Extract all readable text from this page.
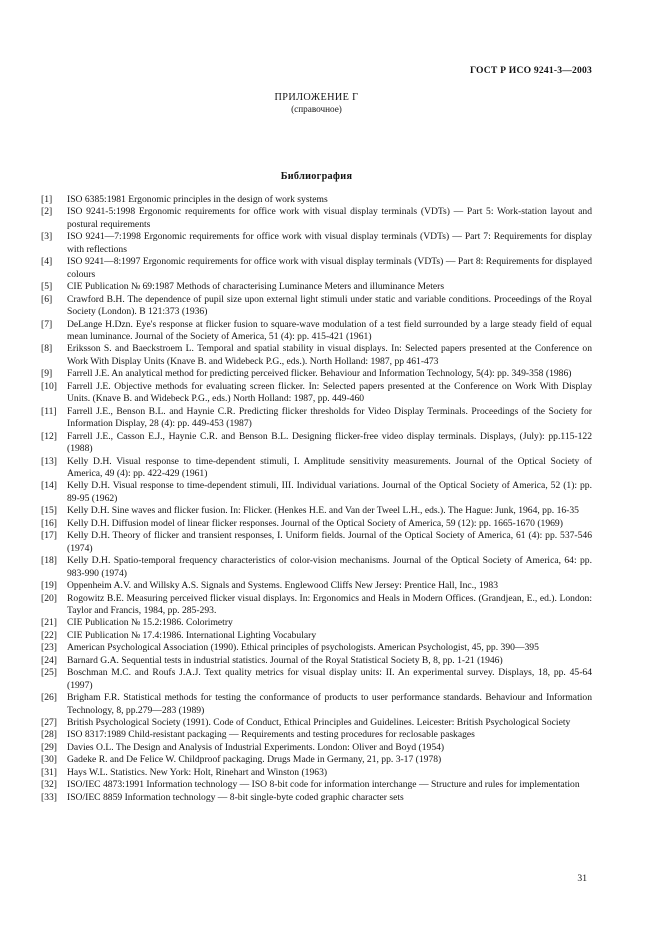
ГОСТ Р ИСО 9241-3—2003
ПРИЛОЖЕНИЕ Г
(справочное)
Библиография
[1] ISO 6385:1981 Ergonomic principles in the design of work systems
[2] ISO 9241-5:1998 Ergonomic requirements for office work with visual display terminals (VDTs) — Part 5: Work-station layout and postural requirements
[3] ISO 9241—7:1998 Ergonomic requirements for office work with visual display terminals (VDTs) — Part 7: Requirements for display with reflections
[4] ISO 9241—8:1997 Ergonomic requirements for office work with visual display terminals (VDTs) — Part 8: Requirements for displayed colours
[5] CIE Publication № 69:1987 Methods of characterising Luminance Meters and illuminance Meters
[6] Crawford B.H. The dependence of pupil size upon external light stimuli under static and variable conditions. Proceedings of the Royal Society (London). B 121:373 (1936)
[7] DeLange H.Dzn. Eye's response at flicker fusion to square-wave modulation of a test field surrounded by a large steady field of equal mean luminance. Journal of the Society of America, 51 (4): pp. 415-421 (1961)
[8] Eriksson S. and Baeckstroem L. Temporal and spatial stability in visual displays. In: Selected papers presented at the Conference on Work With Display Units (Knave B. and Widebeck P.G., eds.). North Holland: 1987, pp 461-473
[9] Farrell J.E. An analytical method for predicting perceived flicker. Behaviour and Information Technology, 5(4): pp. 349-358 (1986)
[10] Farrell J.E. Objective methods for evaluating screen flicker. In: Selected papers presented at the Conference on Work With Display Units. (Knave B. and Widebeck P.G., eds.) North Holland: 1987, pp. 449-460
[11] Farrell J.E., Benson B.L. and Haynie C.R. Predicting flicker thresholds for Video Display Terminals. Proceedings of the Society for Information Display, 28 (4): pp. 449-453 (1987)
[12] Farrell J.E., Casson E.J., Haynie C.R. and Benson B.L. Designing flicker-free video display terminals. Displays, (July): pp.115-122 (1988)
[13] Kelly D.H. Visual response to time-dependent stimuli, I. Amplitude sensitivity measurements. Journal of the Optical Society of America, 49 (4): pp. 422-429 (1961)
[14] Kelly D.H. Visual response to time-dependent stimuli, III. Individual variations. Journal of the Optical Society of America, 52 (1): pp. 89-95 (1962)
[15] Kelly D.H. Sine waves and flicker fusion. In: Flicker. (Henkes H.E. and Van der Tweel L.H., eds.). The Hague: Junk, 1964, pp. 16-35
[16] Kelly D.H. Diffusion model of linear flicker responses. Journal of the Optical Society of America, 59 (12): pp. 1665-1670 (1969)
[17] Kelly D.H. Theory of flicker and transient responses, I. Uniform fields. Journal of the Optical Society of America, 61 (4): pp. 537-546 (1974)
[18] Kelly D.H. Spatio-temporal frequency characteristics of color-vision mechanisms. Journal of the Optical Society of America, 64: pp. 983-990 (1974)
[19] Oppenheim A.V. and Willsky A.S. Signals and Systems. Englewood Cliffs New Jersey: Prentice Hall, Inc., 1983
[20] Rogowitz B.E. Measuring perceived flicker visual displays. In: Ergonomics and Heals in Modern Offices. (Grandjean, E., ed.). London: Taylor and Francis, 1984, pp. 285-293.
[21] CIE Publication № 15.2:1986. Colorimetry
[22] CIE Publication № 17.4:1986. International Lighting Vocabulary
[23] American Psychological Association (1990). Ethical principles of psychologists. American Psychologist, 45, pp. 390—395
[24] Barnard G.A. Sequential tests in industrial statistics. Journal of the Royal Statistical Society B, 8, pp. 1-21 (1946)
[25] Boschman M.C. and Roufs J.A.J. Text quality metrics for visual display units: II. An experimental survey. Displays, 18, pp. 45-64 (1997)
[26] Brigham F.R. Statistical methods for testing the conformance of products to user performance standards. Behaviour and Information Technology, 8, pp.279—283 (1989)
[27] British Psychological Society (1991). Code of Conduct, Ethical Principles and Guidelines. Leicester: British Psychological Society
[28] ISO 8317:1989 Child-resistant packaging — Requirements and testing procedures for reclosable paskages
[29] Davies O.L. The Design and Analysis of Industrial Experiments. London: Oliver and Boyd (1954)
[30] Gadeke R. and De Felice W. Childproof packaging. Drugs Made in Germany, 21, pp. 3-17 (1978)
[31] Hays W.L. Statistics. New York: Holt, Rinehart and Winston (1963)
[32] ISO/IEC 4873:1991 Information technology — ISO 8-bit code for information interchange — Structure and rules for implementation
[33] ISO/IEC 8859 Information technology — 8-bit single-byte coded graphic character sets
31
